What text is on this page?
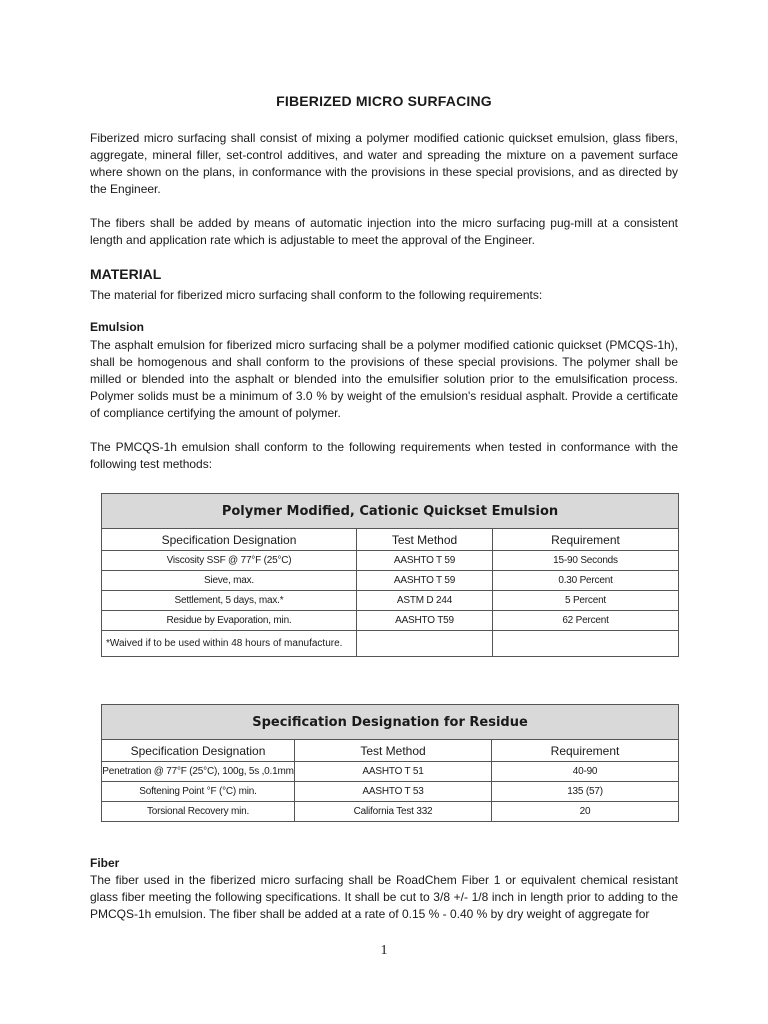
FIBERIZED MICRO SURFACING

Fiberized micro surfacing shall consist of mixing a polymer modified cationic quickset emulsion, glass fibers, aggregate, mineral filler, set-control additives, and water and spreading the mixture on a pavement surface where shown on the plans, in conformance with the provisions in these special provisions, and as directed by the Engineer.

The fibers shall be added by means of automatic injection into the micro surfacing pug-mill at a consistent length and application rate which is adjustable to meet the approval of the Engineer.

MATERIAL

The material for fiberized micro surfacing shall conform to the following requirements:

Emulsion

The asphalt emulsion for fiberized micro surfacing shall be a polymer modified cationic quickset (PMCQS-1h), shall be homogenous and shall conform to the provisions of these special provisions. The polymer shall be milled or blended into the asphalt or blended into the emulsifier solution prior to the emulsification process. Polymer solids must be a minimum of 3.0 % by weight of the emulsion's residual asphalt. Provide a certificate of compliance certifying the amount of polymer.

The PMCQS-1h emulsion shall conform to the following requirements when tested in conformance with the following test methods:

Polymer Modified, Cationic Quickset Emulsion		
Specification Designation	Test Method	Requirement
Viscosity SSF @ 77°F (25°C)	AASHTO T 59	15-90 Seconds
Sieve, max.	AASHTO T 59	0.30 Percent
Settlement, 5 days, max.*	ASTM D 244	5 Percent
Residue by Evaporation, min.	AASHTO T59	62 Percent
*Waived if to be used within 48 hours of manufacture.		
Specification Designation for Residue		
Specification Designation	Test Method	Requirement
Penetration @ 77°F (25°C), 100g, 5s ,0.1mm	AASHTO T 51	40-90
Softening Point °F (°C) min.	AASHTO T 53	135 (57)
Torsional Recovery min.	California Test 332	20
Fiber

The fiber used in the fiberized micro surfacing shall be RoadChem Fiber 1 or equivalent chemical resistant glass fiber meeting the following specifications. It shall be cut to 3/8 +/- 1/8 inch in length prior to adding to the PMCQS-1h emulsion. The fiber shall be added at a rate of 0.15 % - 0.40 % by dry weight of aggregate for

1
